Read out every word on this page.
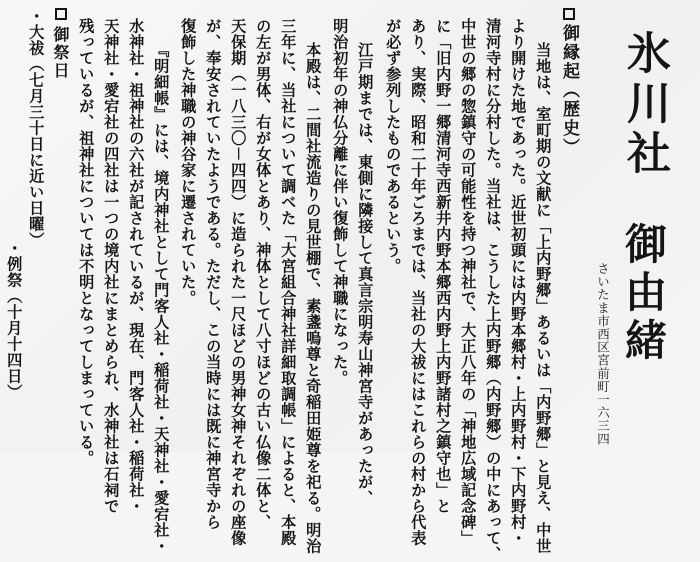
氷川社
御由緒
さいたま市西区宮前町一六三四
御縁起（歴史）
当地は、室町期の文献に「上内野郷」あるいは「内野郷」と見え、中世
より開けた地であった。近世初頭には内野本郷村・上内野村・下内野村・
清河寺村に分村した。当社は、こうした上内野郷（内野郷）の中にあって、
中世の郷の惣鎮守の可能性を持つ神社で、大正八年の「神地広域記念碑」
に「旧内野一郷清河寺西新井内野本郷西内野上内野諸村之鎮守也」と
あり、実際、昭和二十年ごろまでは、当社の大祓にはこれらの村から代表
が必ず参列したものであるという。
江戸期までは、東側に隣接して真言宗明寿山神宮寺があったが、
明治初年の神仏分離に伴い復飾して神職になった。
本殿は、二間社流造りの見世棚で、素盞嗚尊と奇稲田姫尊を祀る。明治
三年に、当社について調べた「大宮組合神社詳細取調帳」によると、本殿
の左が男体、右が女体とあり、神体として八寸ほどの古い仏像二体と、
天保期（一八三〇－四四）に造られた一尺ほどの男神女神それぞれの座像
が、奉安されていたようである。ただし、この当時には既に神宮寺から
復飾した神職の神谷家に遷されていた。
『明細帳』には、境内神社として門客人社・稲荷社・天神社・愛宕社・
水神社・祖神社の六社が記されているが、現在、門客人社・稲荷社・
天神社・愛宕社の四社は一つの境内社にまとめられ、水神社は石祠で
残っているが、祖神社については不明となってしまっている。
御祭日
・大祓（七月三十日に近い日曜）
・例祭（十月十四日）
